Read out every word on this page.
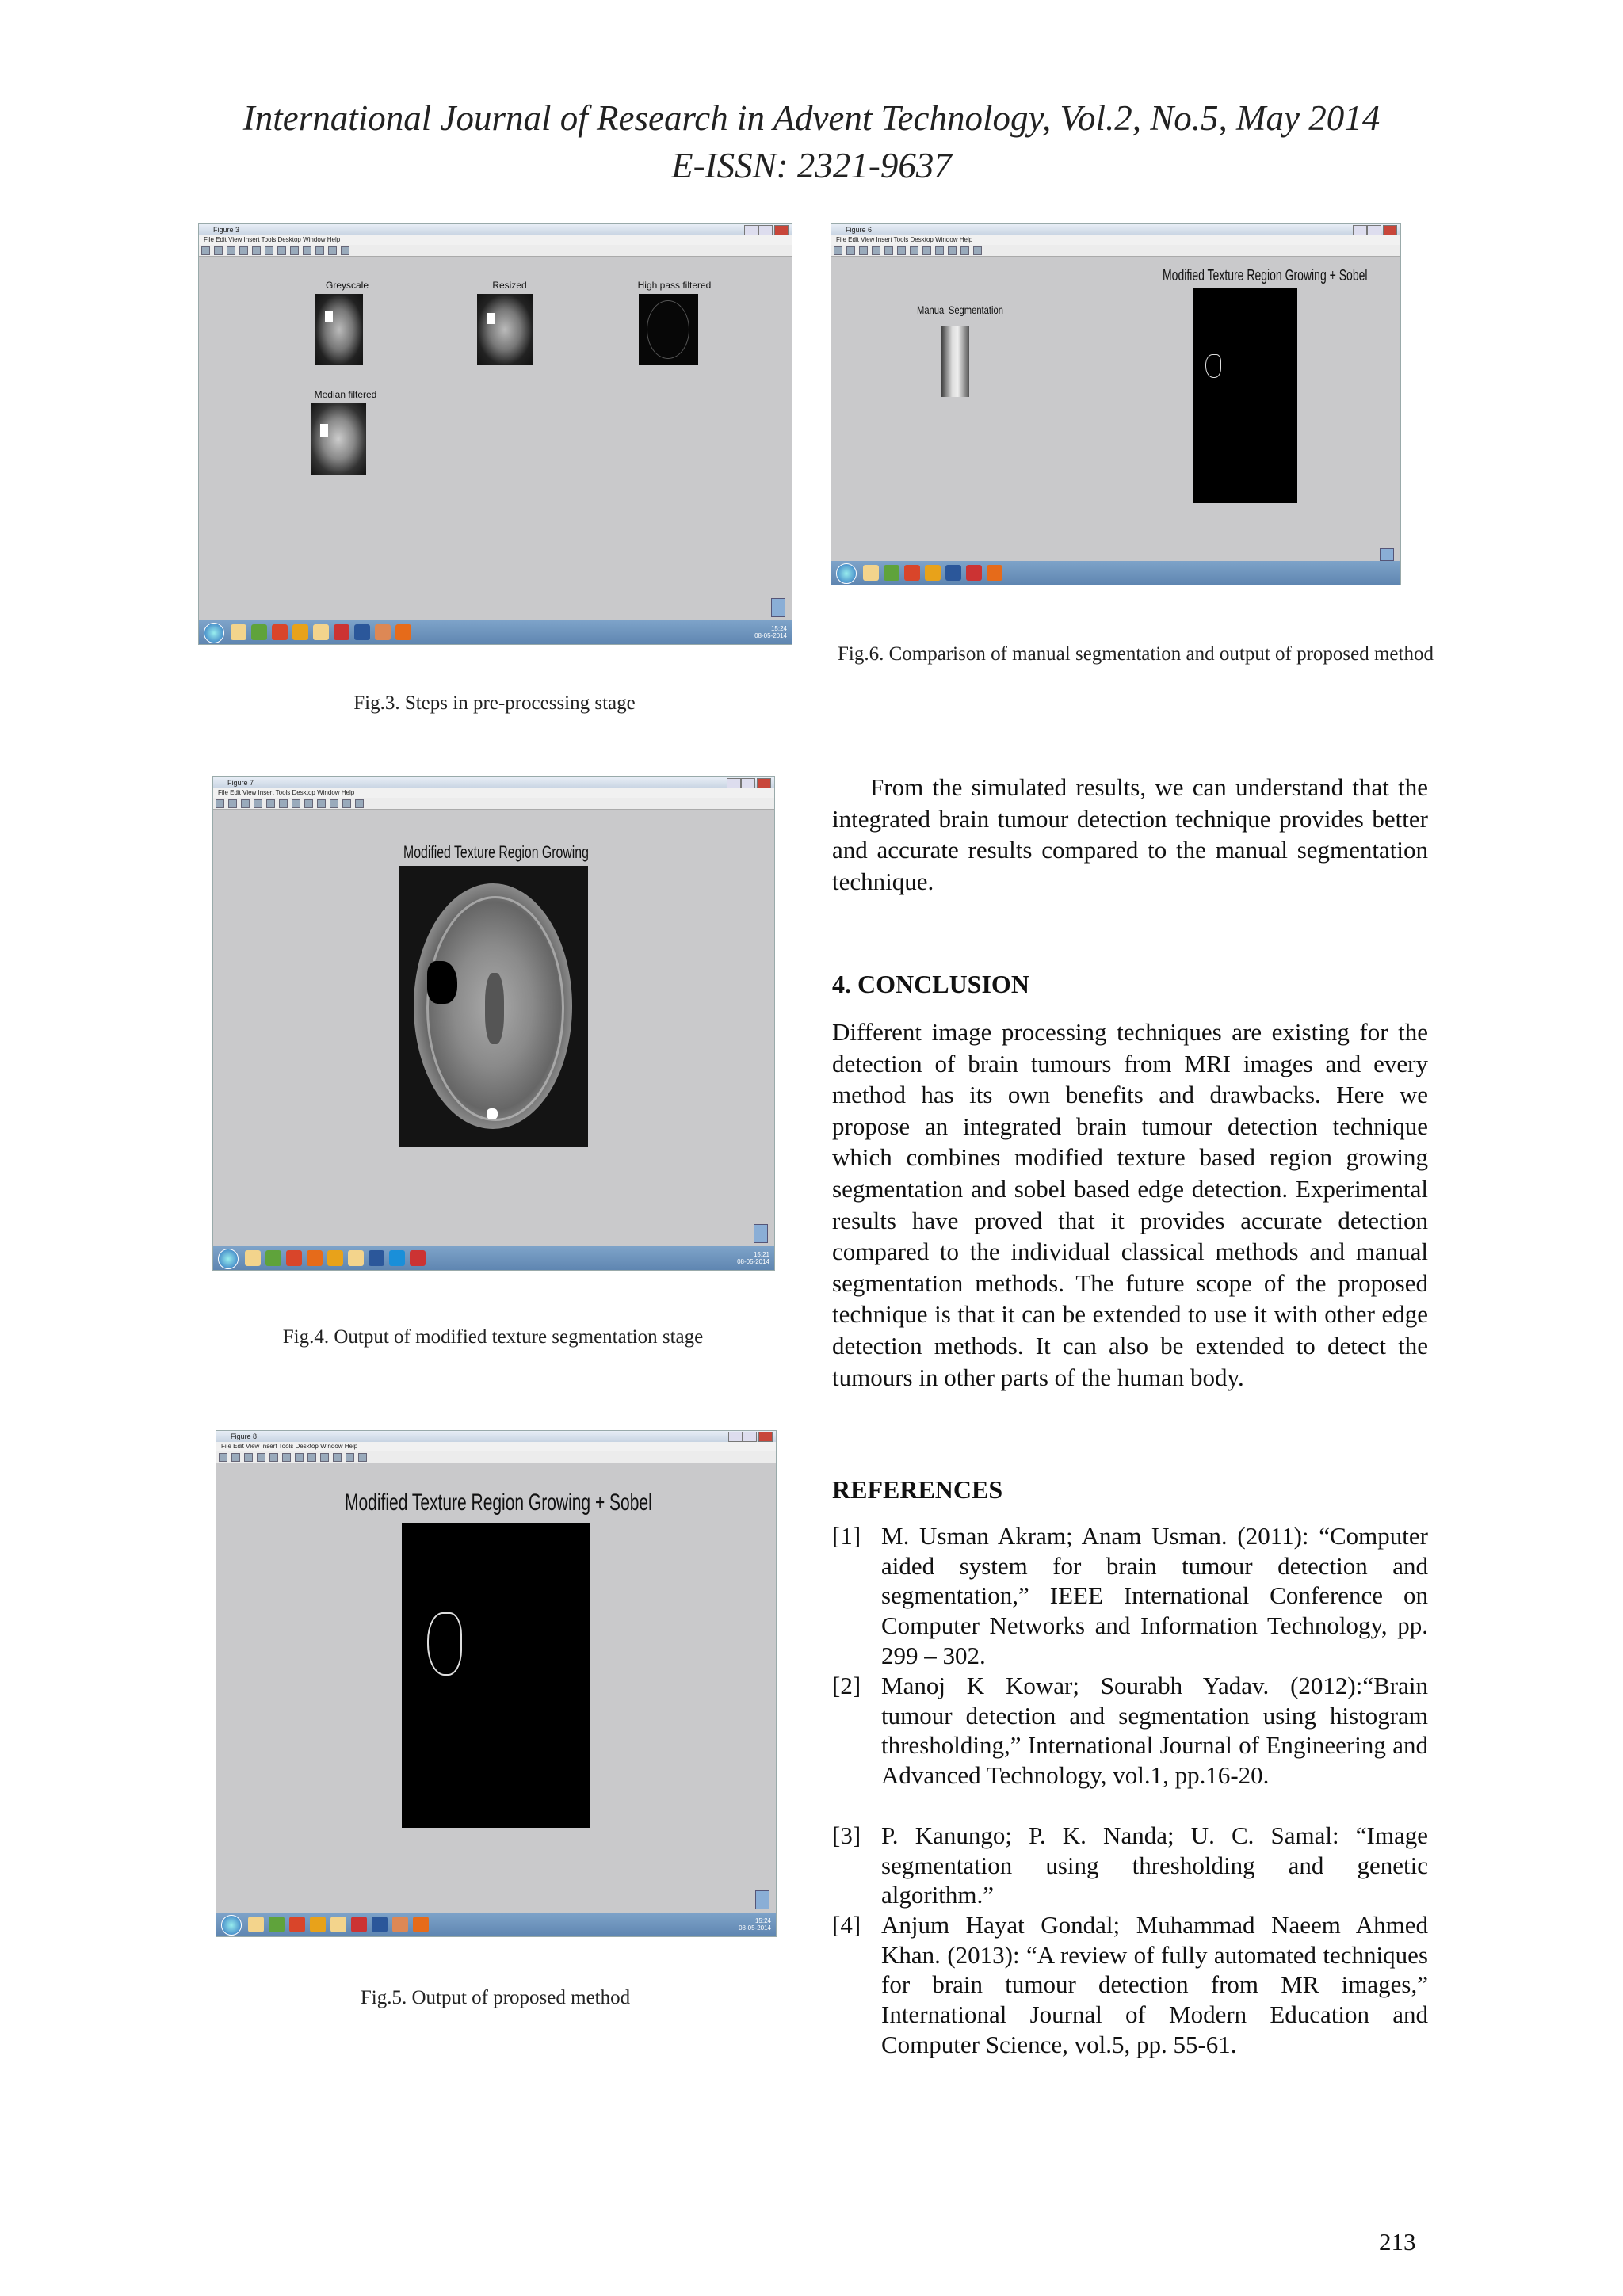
International Journal of Research in Advent Technology, Vol.2, No.5, May 2014
E-ISSN: 2321-9637
Figure 3
File Edit View Insert Tools Desktop Window Help
Greyscale	Resized	High pass filtered
Median filtered
15:24
08-05-2014
Fig.3. Steps in pre-processing stage
Figure 6
File Edit View Insert Tools Desktop Window Help
Manual Segmentation
Modified Texture Region Growing + Sobel
Fig.6. Comparison of manual segmentation and output of proposed method
From the simulated results, we can understand that the integrated brain tumour detection technique provides better and accurate results compared to the manual segmentation technique.
Figure 7
File Edit View Insert Tools Desktop Window Help
Modified Texture Region Growing
15:21
08-05-2014
Fig.4. Output of modified texture segmentation stage
4. CONCLUSION
Different image processing techniques are existing for the detection of brain tumours from MRI images and every method has its own benefits and drawbacks. Here we propose an integrated brain tumour detection technique which combines modified texture based region growing segmentation and sobel based edge detection. Experimental results have proved that it provides accurate detection compared to the individual classical methods and manual segmentation methods. The future scope of the proposed technique is that it can be extended to use it with other edge detection methods. It can also be extended to detect the tumours in other parts of the human body.
Figure 8
File Edit View Insert Tools Desktop Window Help
Modified Texture Region Growing + Sobel
15:24
08-05-2014
Fig.5. Output of proposed method
REFERENCES
[1] M. Usman Akram; Anam Usman. (2011): “Computer aided system for brain tumour detection and segmentation,” IEEE International Conference on Computer Networks and Information Technology, pp. 299 – 302.
[2] Manoj K Kowar; Sourabh Yadav. (2012):“Brain tumour detection and segmentation using histogram thresholding,” International Journal of Engineering and Advanced Technology, vol.1, pp.16-20.
[3] P. Kanungo; P. K. Nanda; U. C. Samal: “Image segmentation using thresholding and genetic algorithm.”
[4] Anjum Hayat Gondal; Muhammad Naeem Ahmed Khan. (2013): “A review of fully automated techniques for brain tumour detection from MR images,” International Journal of Modern Education and Computer Science, vol.5, pp. 55-61.
213
